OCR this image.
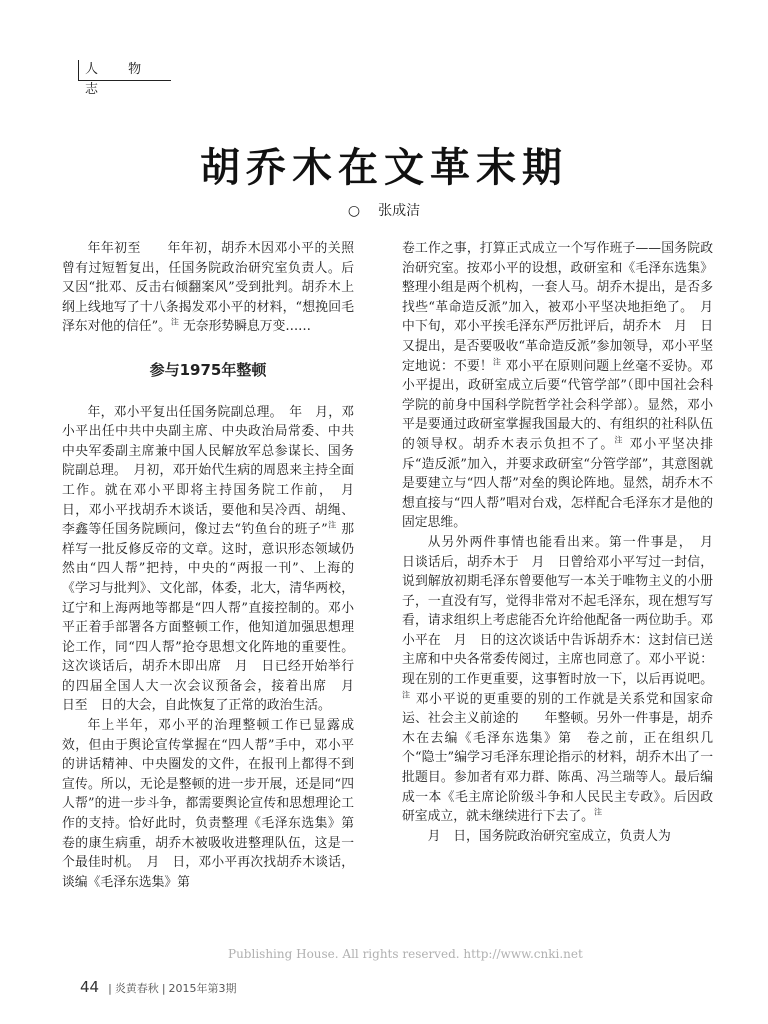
人 物 志
胡乔木在文革末期
○ 张成洁

年年初至　　年年初，胡乔木因邓小平的关照曾有过短暂复出，任国务院政治研究室负责人。后又因“批邓、反击右倾翻案风”受到批判。胡乔木上纲上线地写了十八条揭发邓小平的材料，“想挽回毛泽东对他的信任”。$^注$ 无奈形势瞬息万变……

参与1975年整顿

年，邓小平复出任国务院副总理。　年　月，邓小平出任中共中央副主席、中央政治局常委、中共中央军委副主席兼中国人民解放军总参谋长、国务院副总理。　月初，邓开始代生病的周恩来主持全面工作。就在邓小平即将主持国务院工作前，　月　日，邓小平找胡乔木谈话，要他和吴冷西、胡绳、李鑫等任国务院顾问，像过去“钓鱼台的班子”$^注$ 那样写一批反修反帝的文章。这时，意识形态领域仍然由“四人帮”把持，中央的“两报一刊”、上海的《学习与批判》、文化部，体委，北大，清华两校，辽宁和上海两地等都是“四人帮”直接控制的。邓小平正着手部署各方面整顿工作，他知道加强思想理论工作，同“四人帮”抢夺思想文化阵地的重要性。这次谈话后，胡乔木即出席　月　日已经开始举行的四届全国人大一次会议预备会，接着出席　月　日至　日的大会，自此恢复了正常的政治生活。

年上半年，邓小平的治理整顿工作已显露成效，但由于舆论宣传掌握在“四人帮”手中，邓小平的讲话精神、中央圈发的文件，在报刊上都得不到宣传。所以，无论是整顿的进一步开展，还是同“四人帮”的进一步斗争，都需要舆论宣传和思想理论工作的支持。恰好此时，负责整理《毛泽东选集》第　卷的康生病重，胡乔木被吸收进整理队伍，这是一个最佳时机。　月　日，邓小平再次找胡乔木谈话，谈编《毛泽东选集》第

卷工作之事，打算正式成立一个写作班子——国务院政治研究室。按邓小平的设想，政研室和《毛泽东选集》整理小组是两个机构，一套人马。胡乔木提出，是否多找些“革命造反派”加入，被邓小平坚决地拒绝了。　月中下旬，邓小平挨毛泽东严厉批评后，胡乔木　月　日又提出，是否要吸收“革命造反派”参加领导，邓小平坚定地说：不要！$^注$ 邓小平在原则问题上丝毫不妥协。邓小平提出，政研室成立后要“代管学部”（即中国社会科学院的前身中国科学院哲学社会科学部）。显然，邓小平是要通过政研室掌握我国最大的、有组织的社科队伍的领导权。胡乔木表示负担不了。$^注$ 邓小平坚决排斥“造反派”加入，并要求政研室“分管学部”，其意图就是要建立与“四人帮”对垒的舆论阵地。显然，胡乔木不想直接与“四人帮”唱对台戏，怎样配合毛泽东才是他的固定思维。

从另外两件事情也能看出来。第一件事是，　月　日谈话后，胡乔木于　月　日曾给邓小平写过一封信，说到解放初期毛泽东曾要他写一本关于唯物主义的小册子，一直没有写，觉得非常对不起毛泽东，现在想写写看，请求组织上考虑能否允许给他配备一两位助手。邓小平在　月　日的这次谈话中告诉胡乔木：这封信已送主席和中央各常委传阅过，主席也同意了。邓小平说：现在别的工作更重要，这事暂时放一下，以后再说吧。$^注$ 邓小平说的更重要的别的工作就是关系党和国家命运、社会主义前途的　　年整顿。另外一件事是，胡乔木在去编《毛泽东选集》第　卷之前，正在组织几个“隐士”编学习毛泽东理论指示的材料，胡乔木出了一批题目。参加者有邓力群、陈禹、冯兰瑞等人。最后编成一本《毛主席论阶级斗争和人民民主专政》。后因政研室成立，就未继续进行下去了。$^注$

月　日，国务院政治研究室成立，负责人为

Publishing House. All rights reserved. http://www.cnki.net
44 | 炎黄春秋 | 2015年第3期
